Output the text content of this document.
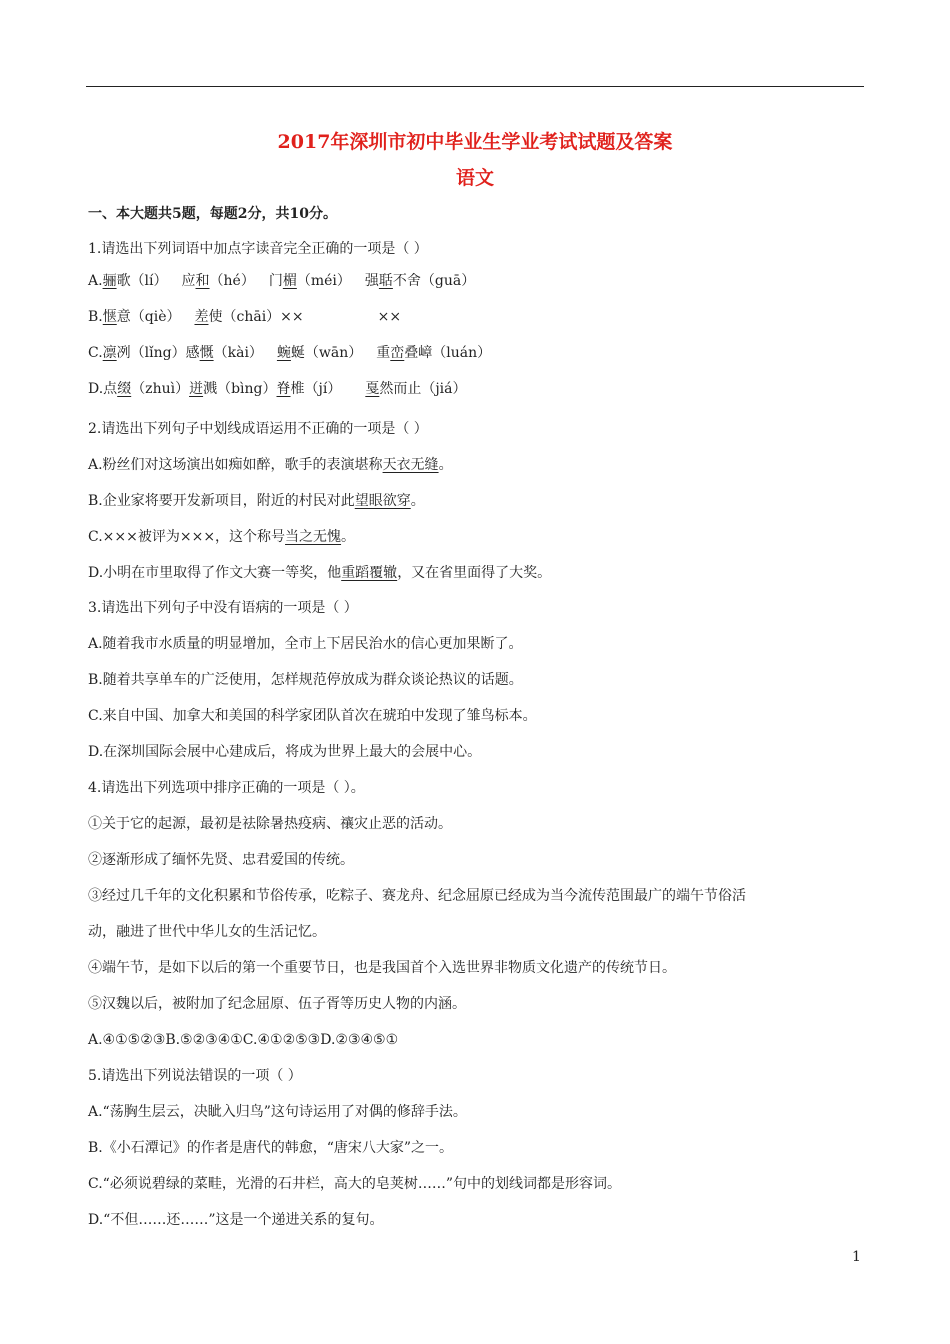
2017年深圳市初中毕业生学业考试试题及答案
语文
一、本大题共5题，每题2分，共10分。
1.请选出下列词语中加点字读音完全正确的一项是（ ）
A.骊歌（lí） 应和（hé） 门楣（méi） 强聒不舍（guā）
B.惬意（qiè） 差使（chāi）××	××
C.凛冽（lǐng）感慨（kài） 蜿蜒（wān） 重峦叠嶂（luán）
D.点缀（zhuì）迸溅（bìng）脊椎（jí） 戛然而止（jiá）
2.请选出下列句子中划线成语运用不正确的一项是（ ）
A.粉丝们对这场演出如痴如醉，歌手的表演堪称天衣无缝。
B.企业家将要开发新项目，附近的村民对此望眼欲穿。
C.×××被评为×××，这个称号当之无愧。
D.小明在市里取得了作文大赛一等奖，他重蹈覆辙，又在省里面得了大奖。
3.请选出下列句子中没有语病的一项是（ ）
A.随着我市水质量的明显增加，全市上下居民治水的信心更加果断了。
B.随着共享单车的广泛使用，怎样规范停放成为群众谈论热议的话题。
C.来自中国、加拿大和美国的科学家团队首次在琥珀中发现了雏鸟标本。
D.在深圳国际会展中心建成后，将成为世界上最大的会展中心。
4.请选出下列选项中排序正确的一项是（ ）。
①关于它的起源，最初是祛除暑热疫病、禳灾止恶的活动。
②逐渐形成了缅怀先贤、忠君爱国的传统。
③经过几千年的文化积累和节俗传承，吃粽子、赛龙舟、纪念屈原已经成为当今流传范围最广的端午节俗活
动，融进了世代中华儿女的生活记忆。
④端午节，是如下以后的第一个重要节日，也是我国首个入选世界非物质文化遗产的传统节日。
⑤汉魏以后，被附加了纪念屈原、伍子胥等历史人物的内涵。
A.④①⑤②③B.⑤②③④①C.④①②⑤③D.②③④⑤①
5.请选出下列说法错误的一项（ ）
A.“荡胸生层云，决眦入归鸟”这句诗运用了对偶的修辞手法。
B.《小石潭记》的作者是唐代的韩愈，“唐宋八大家”之一。
C.“必须说碧绿的菜畦，光滑的石井栏，高大的皂荚树……”句中的划线词都是形容词。
D.“不但……还……”这是一个递进关系的复句。
1
